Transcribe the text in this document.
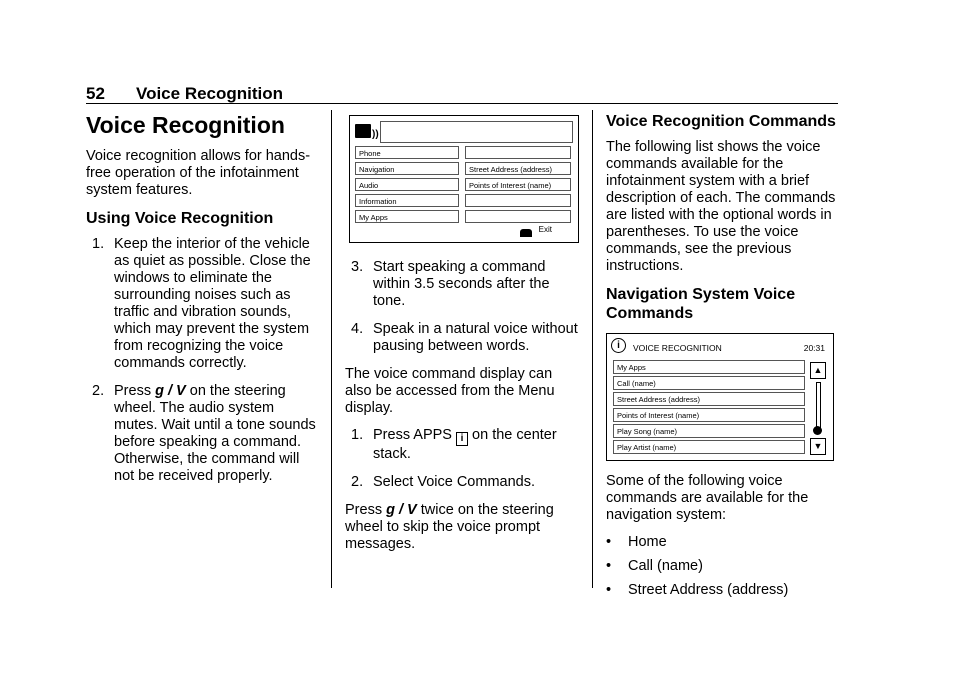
52 Voice Recognition
Voice Recognition

Voice recognition allows for hands-free operation of the infotainment system features.

Using Voice Recognition
1. Keep the interior of the vehicle as quiet as possible. Close the windows to eliminate the surrounding noises such as traffic and vibration sounds, which may prevent the system from recognizing the voice commands correctly.
2. Press g / V on the steering wheel. The audio system mutes. Wait until a tone sounds before speaking a command. Otherwise, the command will not be received properly.
))
Phone
Navigation
Audio
Information
My Apps
Street Address (address)
Points of Interest (name)
Exit
3. Start speaking a command within 3.5 seconds after the tone.
4. Speak in a natural voice without pausing between words.

The voice command display can also be accessed from the Menu display.

1. Press APPS i on the center stack.
2. Select Voice Commands.

Press g / V twice on the steering wheel to skip the voice prompt messages.

Voice Recognition Commands

The following list shows the voice commands available for the infotainment system with a brief description of each. The commands are listed with the optional words in parentheses. To use the voice commands, see the previous instructions.

Navigation System Voice Commands
i	VOICE RECOGNITION	20:31
My Apps
Call (name)
Street Address (address)
Points of Interest (name)
Play Song (name)
Play Artist (name)
▲
▼

Some of the following voice commands are available for the navigation system:

• Home
• Call (name)
• Street Address (address)
